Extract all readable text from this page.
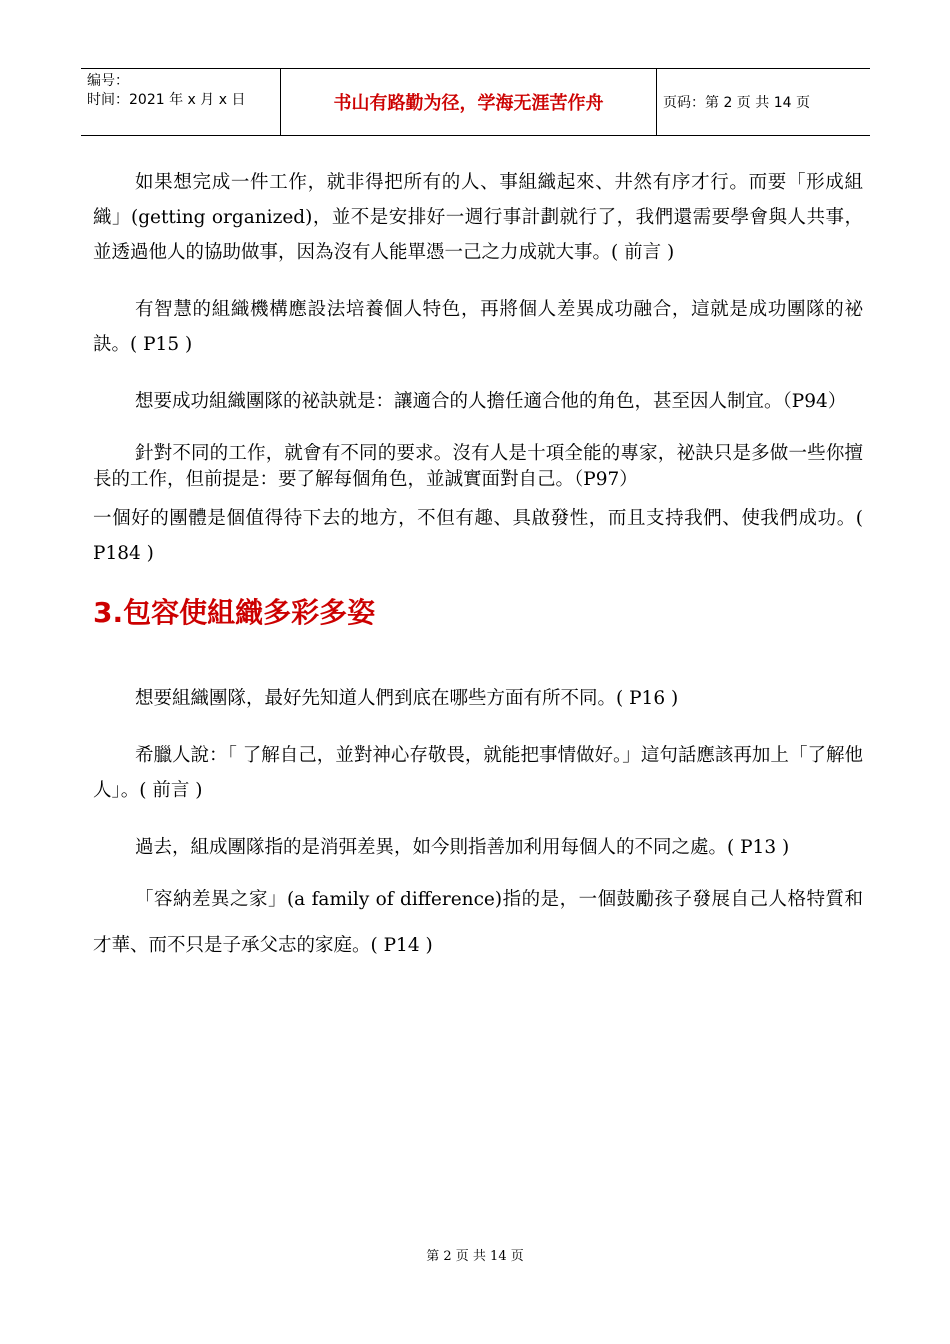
编号：
时间：2021 年 x 月 x 日	书山有路勤为径，学海无涯苦作舟	页码：第 2 页 共 14 页

如果想完成一件工作，就非得把所有的人、事組織起來、井然有序才行。而要「形成組織」(getting organized)，並不是安排好一週行事計劃就行了，我們還需要學會與人共事，並透過他人的協助做事，因為沒有人能單憑一己之力成就大事。( 前言 )

有智慧的組織機構應設法培養個人特色，再將個人差異成功融合，這就是成功團隊的祕訣。( P15 )

想要成功組織團隊的祕訣就是：讓適合的人擔任適合他的角色，甚至因人制宜。（P94）

針對不同的工作，就會有不同的要求。沒有人是十項全能的專家，祕訣只是多做一些你擅長的工作，但前提是：要了解每個角色，並誠實面對自己。（P97）

一個好的團體是個值得待下去的地方，不但有趣、具啟發性，而且支持我們、使我們成功。( P184 )

3.包容使組織多彩多姿

想要組織團隊，最好先知道人們到底在哪些方面有所不同。( P16 )

希臘人說：「 了解自己，並對神心存敬畏，就能把事情做好。」這句話應該再加上「了解他人」。( 前言 )

過去，組成團隊指的是消弭差異，如今則指善加利用每個人的不同之處。( P13 )

「容納差異之家」(a family of difference)指的是，一個鼓勵孩子發展自己人格特質和才華、而不只是子承父志的家庭。( P14 )

第 2 页 共 14 页
